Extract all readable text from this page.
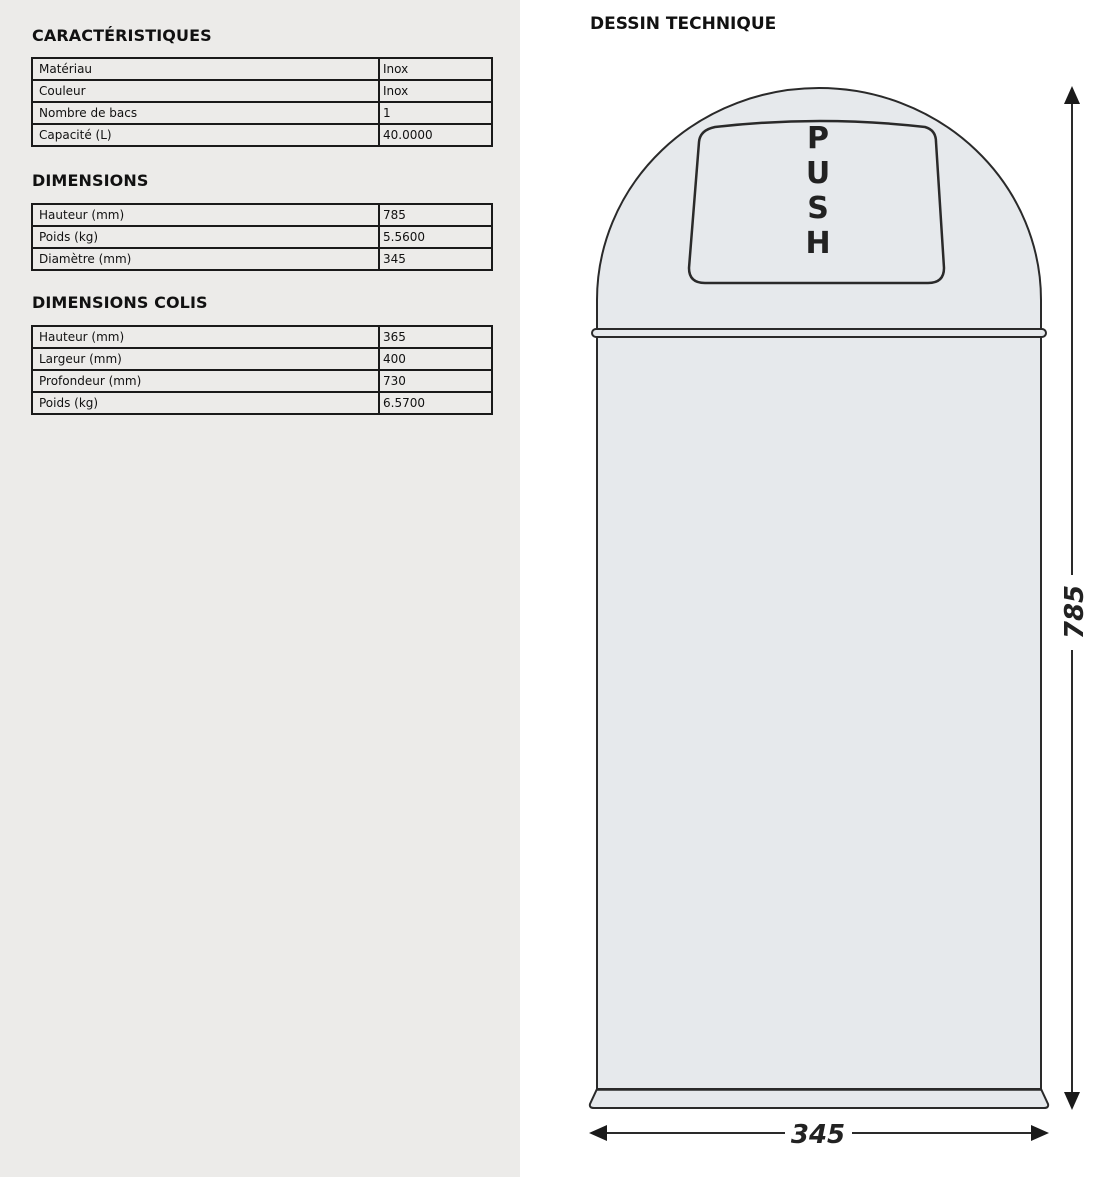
CARACTÉRISTIQUES
Matériau	Inox
Couleur	Inox
Nombre de bacs	1
Capacité (L)	40.0000
DIMENSIONS
Hauteur (mm)	785
Poids (kg)	5.5600
Diamètre (mm)	345
DIMENSIONS COLIS
Hauteur (mm)	365
Largeur (mm)	400
Profondeur (mm)	730
Poids (kg)	6.5700
DESSIN TECHNIQUE
P
U
S
H
785
345
